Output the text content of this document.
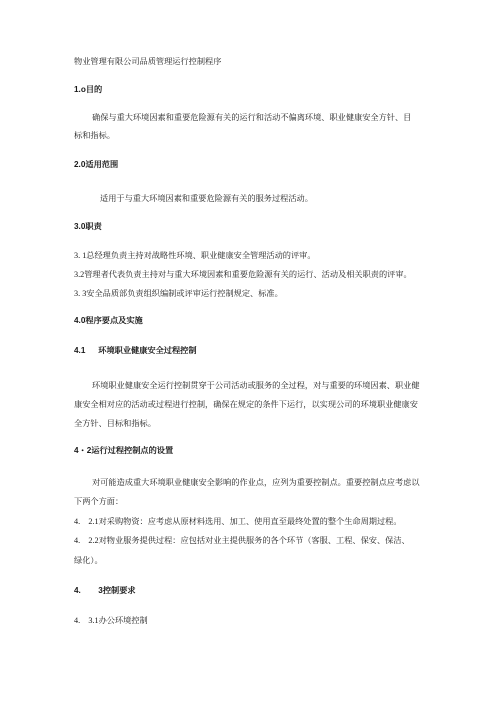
物业管理有限公司品质管理运行控制程序
1.o目的
确保与重大环境因素和重要危险源有关的运行和活动不偏离环境、职业健康安全方针、目
标和指标。
2.0适用范围
适用于与重大环境因素和重要危险源有关的服务过程活动。
3.0职责
3. 1总经理负责主持对战略性环境、职业健康安全管理活动的评审。
3.2管理者代表负责主持对与重大环境因素和重要危险源有关的运行、活动及相关职责的评审。
3. 3安全品质部负责组织编制或评审运行控制规定、标准。
4.0程序要点及实施
4.1 环境职业健康安全过程控制
环境职业健康安全运行控制贯穿于公司活动或服务的全过程，对与重要的环境因素、职业健
康安全相对应的活动或过程进行控制，确保在规定的条件下运行，以实现公司的环境职业健康安
全方针、目标和指标。
4・2运行过程控制点的设置
对可能造成重大环境职业健康安全影响的作业点，应列为重要控制点。重要控制点应考虑以
下两个方面：
4.　2.1对采购物资：应考虑从原材料选用、加工、使用直至最终处置的整个生命周期过程。
4.　2.2对物业服务提供过程：应包括对业主提供服务的各个环节（客服、工程、保安、保洁、
绿化）。
4. 3控制要求
4.　3.1办公环境控制
